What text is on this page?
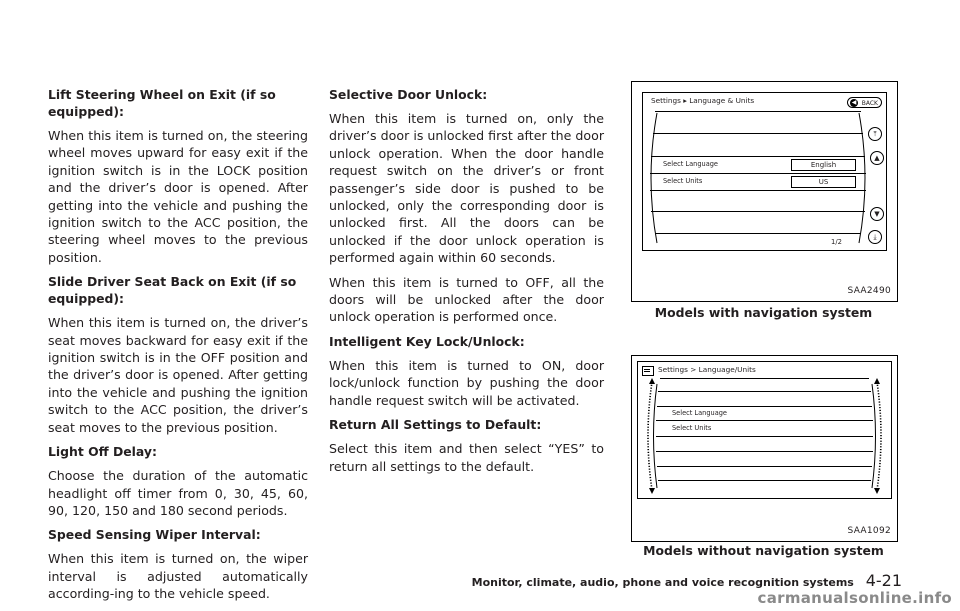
Lift Steering Wheel on Exit (if so equipped):

When this item is turned on, the steering wheel moves upward for easy exit if the ignition switch is in the LOCK position and the driver’s door is opened. After getting into the vehicle and pushing the ignition switch to the ACC position, the steering wheel moves to the previous position.

Slide Driver Seat Back on Exit (if so equipped):

When this item is turned on, the driver’s seat moves backward for easy exit if the ignition switch is in the OFF position and the driver’s door is opened. After getting into the vehicle and pushing the ignition switch to the ACC position, the driver’s seat moves to the previous position.

Light Off Delay:

Choose the duration of the automatic headlight off timer from 0, 30, 45, 60, 90, 120, 150 and 180 second periods.

Speed Sensing Wiper Interval:

When this item is turned on, the wiper interval is adjusted automatically according-ing to the vehicle speed.

Selective Door Unlock:

When this item is turned on, only the driver’s door is unlocked first after the door unlock operation. When the door handle request switch on the driver’s or front passenger’s side door is pushed to be unlocked, only the corresponding door is unlocked first. All the doors can be unlocked if the door unlock operation is performed again within 60 seconds.

When this item is turned to OFF, all the doors will be unlocked after the door unlock operation is performed once.

Intelligent Key Lock/Unlock:

When this item is turned to ON, door lock/unlock function by pushing the door handle request switch will be activated.

Return All Settings to Default:

Select this item and then select “YES” to return all settings to the default.

Settings ▸ Language & Units	◀ BACK
Select Language	English
Select Units	US
1/2
⤒
▲
▼
⤓
SAA2490
Models with navigation system
Settings > Language/Units
Select Language
Select Units
SAA1092
Models without navigation system
Monitor, climate, audio, phone and voice recognition systems 4-21
carmanualsonline.info
